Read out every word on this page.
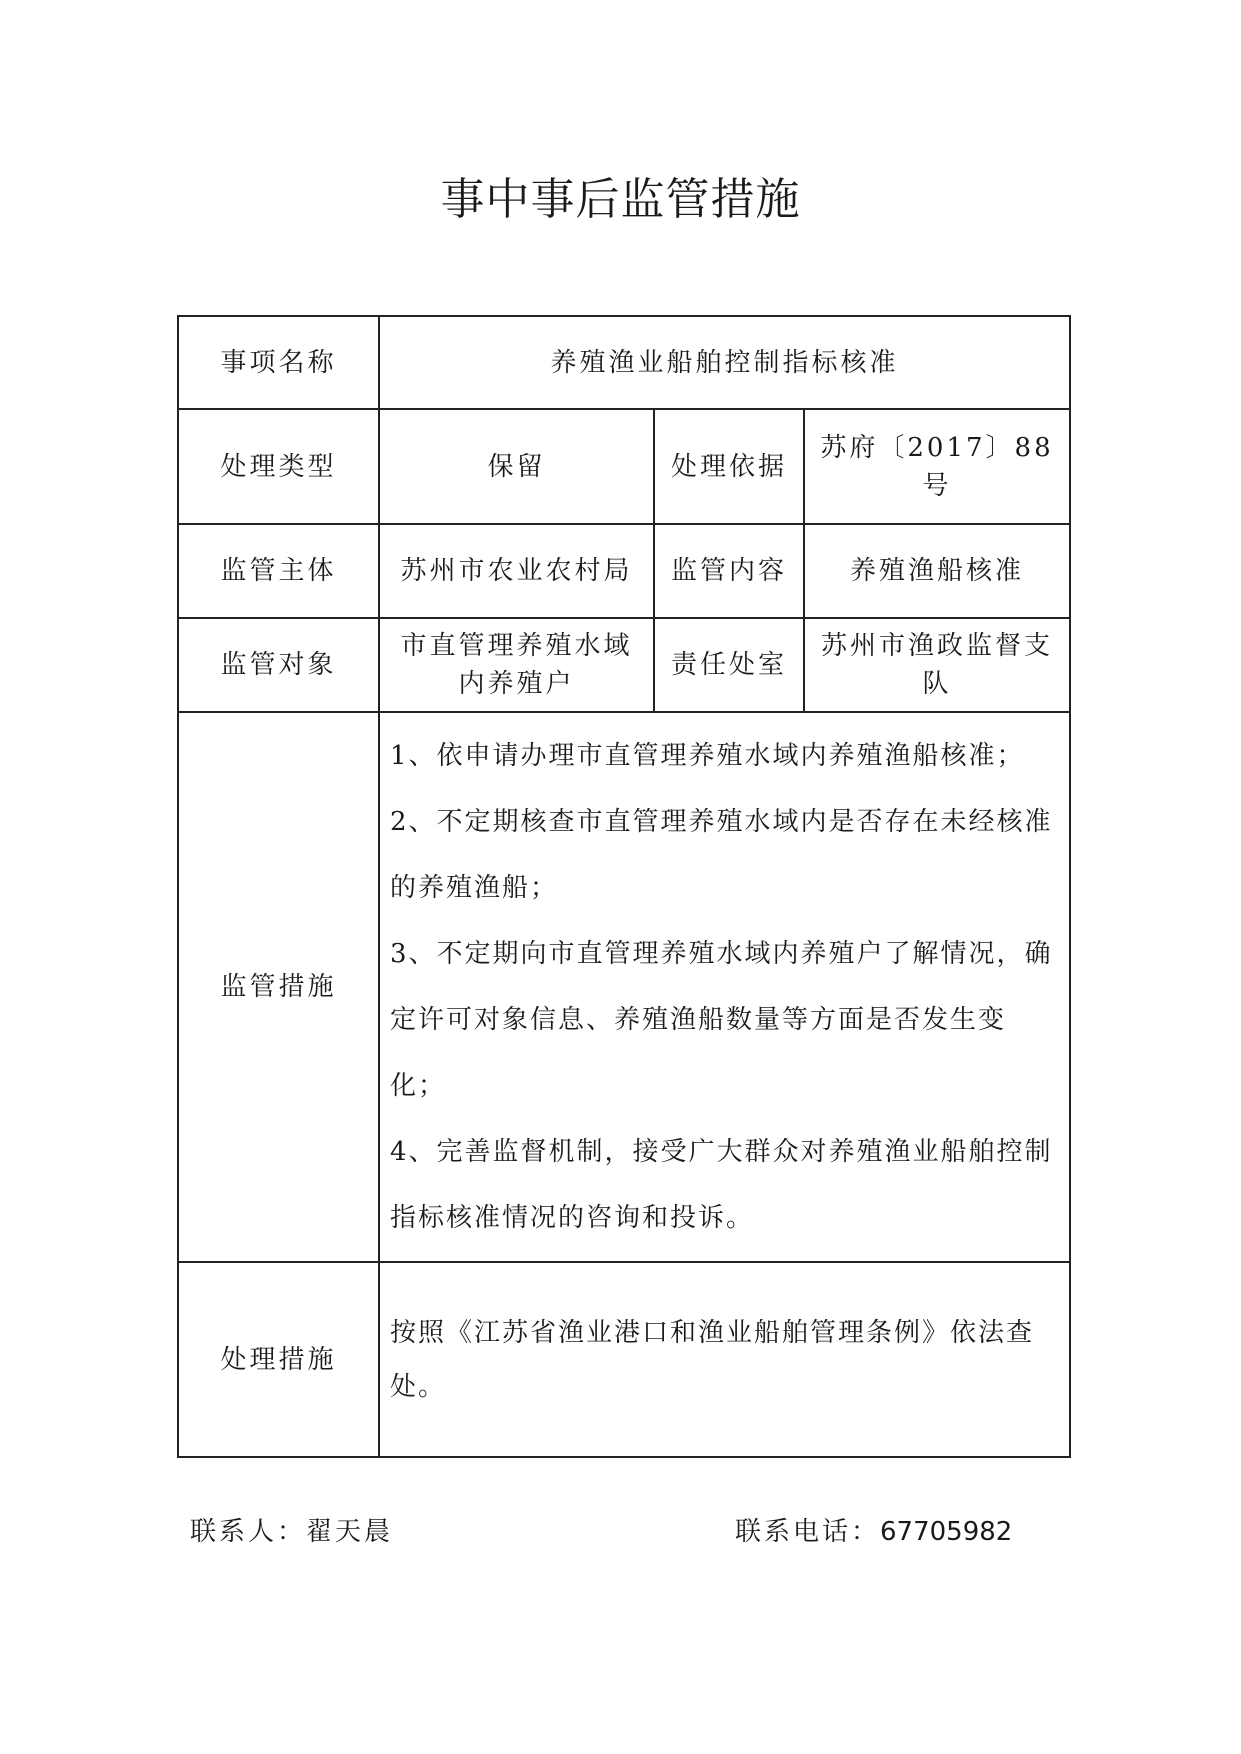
事中事后监管措施
事项名称	养殖渔业船舶控制指标核准		
处理类型	保留	处理依据	苏府〔2017〕88号
监管主体	苏州市农业农村局	监管内容	养殖渔船核准
监管对象	市直管理养殖水域内养殖户	责任处室	苏州市渔政监督支队
监管措施	1、依申请办理市直管理养殖水域内养殖渔船核准；

2、不定期核查市直管理养殖水域内是否存在未经核准的养殖渔船；

3、不定期向市直管理养殖水域内养殖户了解情况，确定许可对象信息、养殖渔船数量等方面是否发生变化；

4、完善监督机制，接受广大群众对养殖渔业船舶控制指标核准情况的咨询和投诉。		

处理措施	按照《江苏省渔业港口和渔业船舶管理条例》依法查处。		

联系人：翟天晨	联系电话：67705982
